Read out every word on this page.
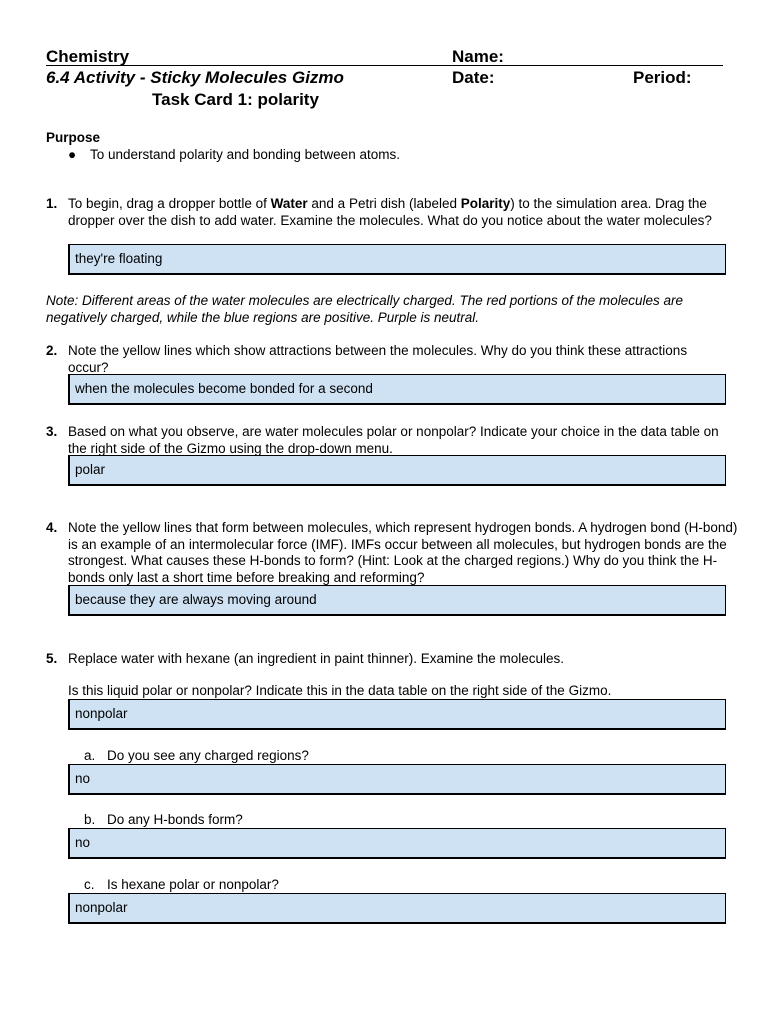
Chemistry	Name:
6.4 Activity - Sticky Molecules Gizmo	Date:	Period:
Task Card 1: polarity
Purpose
● To understand polarity and bonding between atoms.
1. To begin, drag a dropper bottle of Water and a Petri dish (labeled Polarity) to the simulation area. Drag the dropper over the dish to add water. Examine the molecules. What do you notice about the water molecules?
they're floating
Note: Different areas of the water molecules are electrically charged. The red portions of the molecules are negatively charged, while the blue regions are positive. Purple is neutral.
2. Note the yellow lines which show attractions between the molecules. Why do you think these attractions occur?
when the molecules become bonded for a second
3. Based on what you observe, are water molecules polar or nonpolar? Indicate your choice in the data table on the right side of the Gizmo using the drop-down menu.
polar
4. Note the yellow lines that form between molecules, which represent hydrogen bonds. A hydrogen bond (H-bond) is an example of an intermolecular force (IMF). IMFs occur between all molecules, but hydrogen bonds are the strongest. What causes these H-bonds to form? (Hint: Look at the charged regions.) Why do you think the H-bonds only last a short time before breaking and reforming?
because they are always moving around
5. Replace water with hexane (an ingredient in paint thinner). Examine the molecules.
Is this liquid polar or nonpolar? Indicate this in the data table on the right side of the Gizmo.
nonpolar
a. Do you see any charged regions?
no
b. Do any H-bonds form?
no
c. Is hexane polar or nonpolar?
nonpolar
